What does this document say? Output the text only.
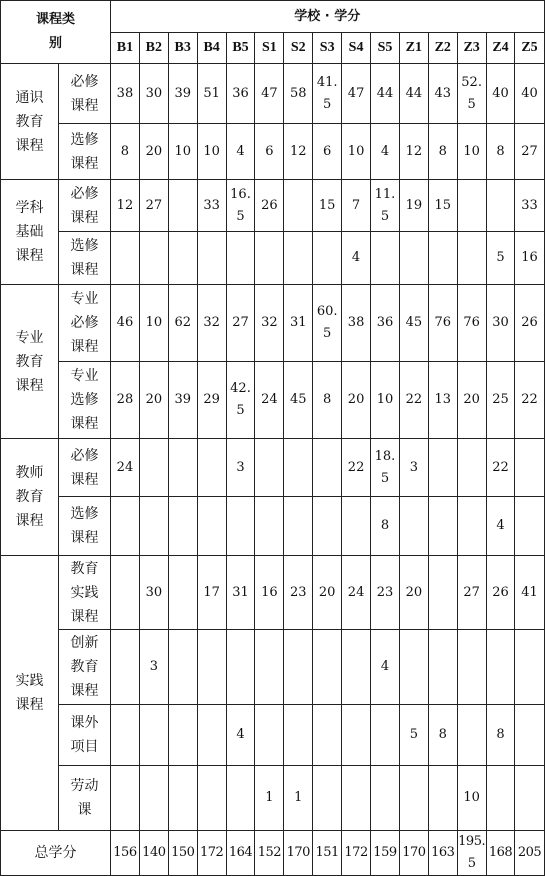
课程类别		学校 · 学分														
		B1	B2	B3	B4	B5	S1	S2	S3	S4	S5	Z1	Z2	Z3	Z4	Z5

通识教育课程	必修课程	38	30	39	51	36	47	58	41. 5	47	44	44	43	52. 5	40	40

	选修课程	8	20	10	10	4	6	12	6	10	4	12	8	10	8	27

学科基础课程	必修课程	12	27		33	16. 5	26		15	7	11. 5	19	15			33

	选修课程									4					5	16

专业教育课程	专业必修课程	46	10	62	32	27	32	31	60. 5	38	36	45	76	76	30	26

	专业选修课程	28	20	39	29	42. 5	24	45	8	20	10	22	13	20	25	22

教师教育课程	必修课程	24				3				22	18. 5	3			22	

	选修课程										8				4	

实践课程	教育实践课程		30		17	31	16	23	20	24	23	20		27	26	41

	创新教育课程		3								4					

	课外项目					4						5	8		8	

	劳动课						1	1						10		
总学分		156	140	150	172	164	152	170	151	172	159	170	163	195. 5	168	205
